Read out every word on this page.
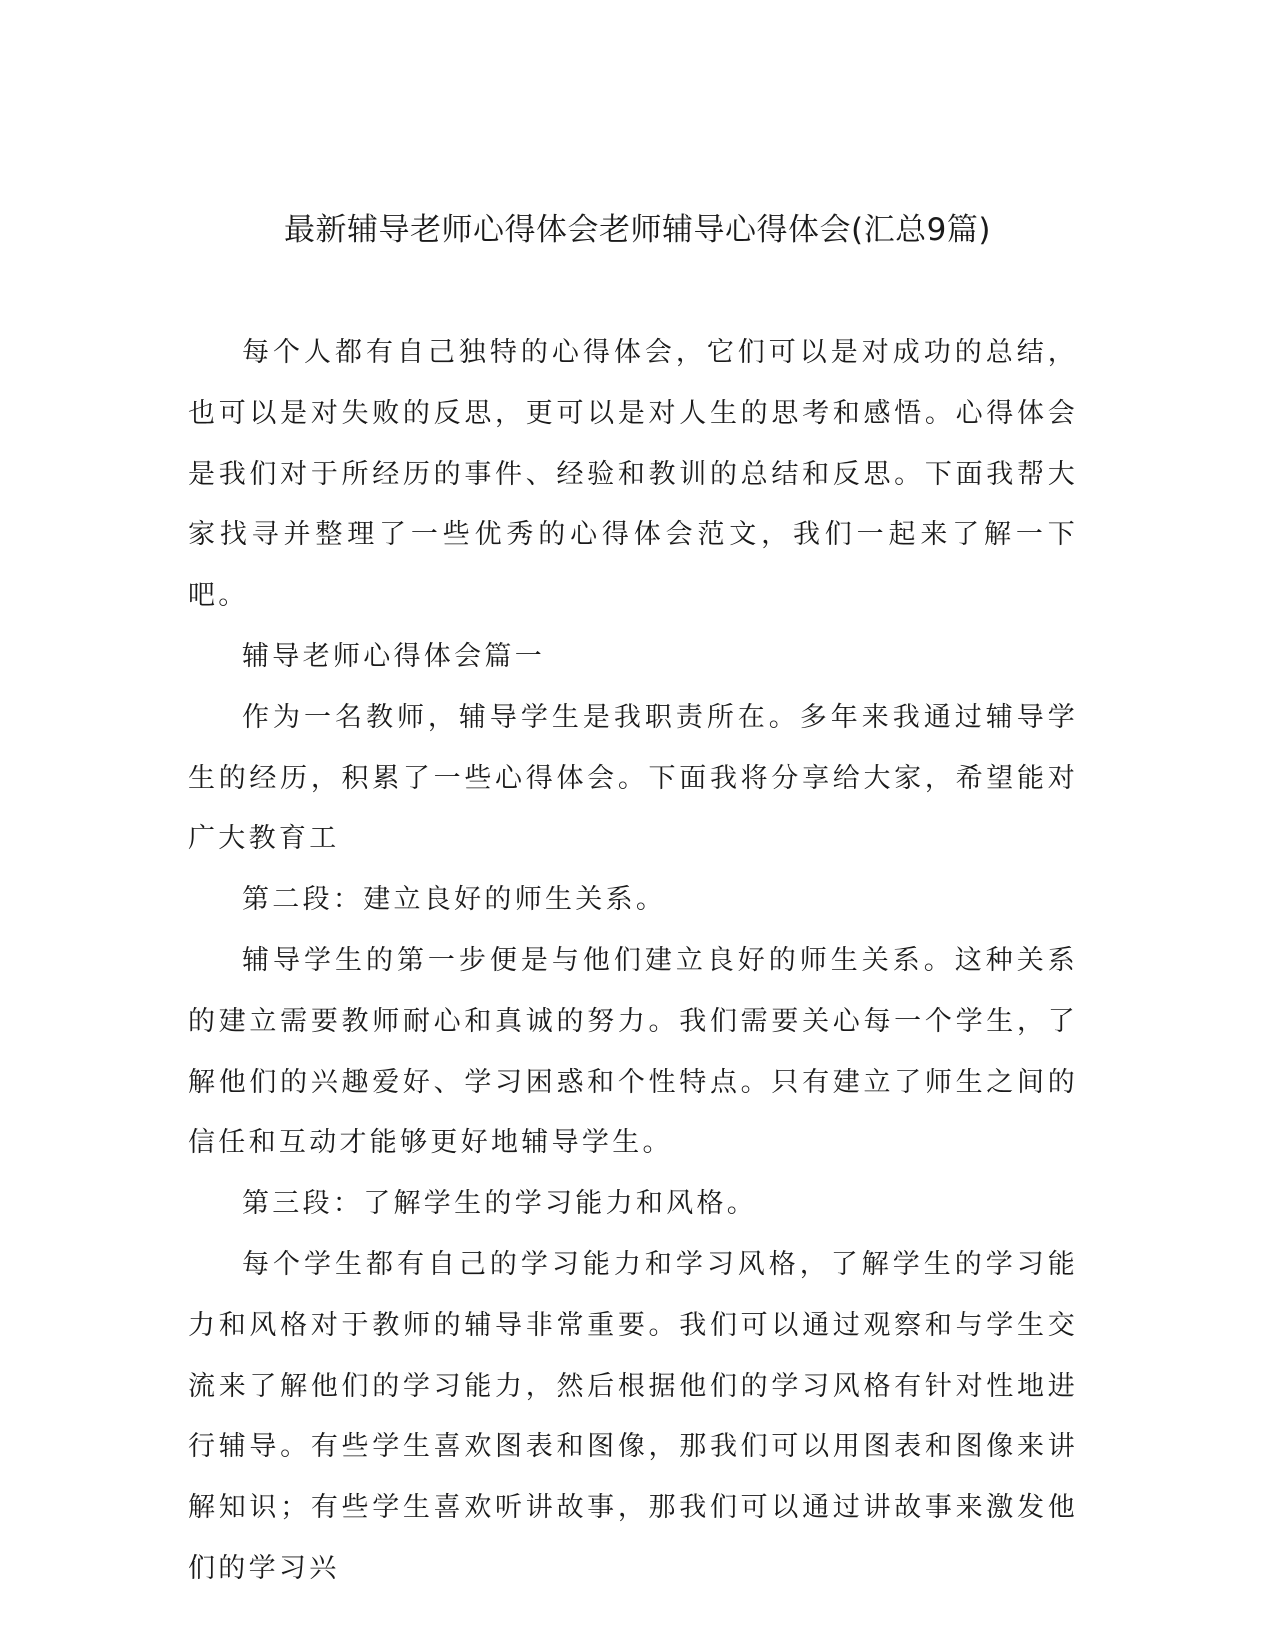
最新辅导老师心得体会老师辅导心得体会(汇总9篇)

每个人都有自己独特的心得体会，它们可以是对成功的总结，也可以是对失败的反思，更可以是对人生的思考和感悟。心得体会是我们对于所经历的事件、经验和教训的总结和反思。下面我帮大家找寻并整理了一些优秀的心得体会范文，我们一起来了解一下吧。

辅导老师心得体会篇一

作为一名教师，辅导学生是我职责所在。多年来我通过辅导学生的经历，积累了一些心得体会。下面我将分享给大家，希望能对广大教育工

第二段：建立良好的师生关系。

辅导学生的第一步便是与他们建立良好的师生关系。这种关系的建立需要教师耐心和真诚的努力。我们需要关心每一个学生，了解他们的兴趣爱好、学习困惑和个性特点。只有建立了师生之间的信任和互动才能够更好地辅导学生。

第三段：了解学生的学习能力和风格。

每个学生都有自己的学习能力和学习风格，了解学生的学习能力和风格对于教师的辅导非常重要。我们可以通过观察和与学生交流来了解他们的学习能力，然后根据他们的学习风格有针对性地进行辅导。有些学生喜欢图表和图像，那我们可以用图表和图像来讲解知识；有些学生喜欢听讲故事，那我们可以通过讲故事来激发他们的学习兴
